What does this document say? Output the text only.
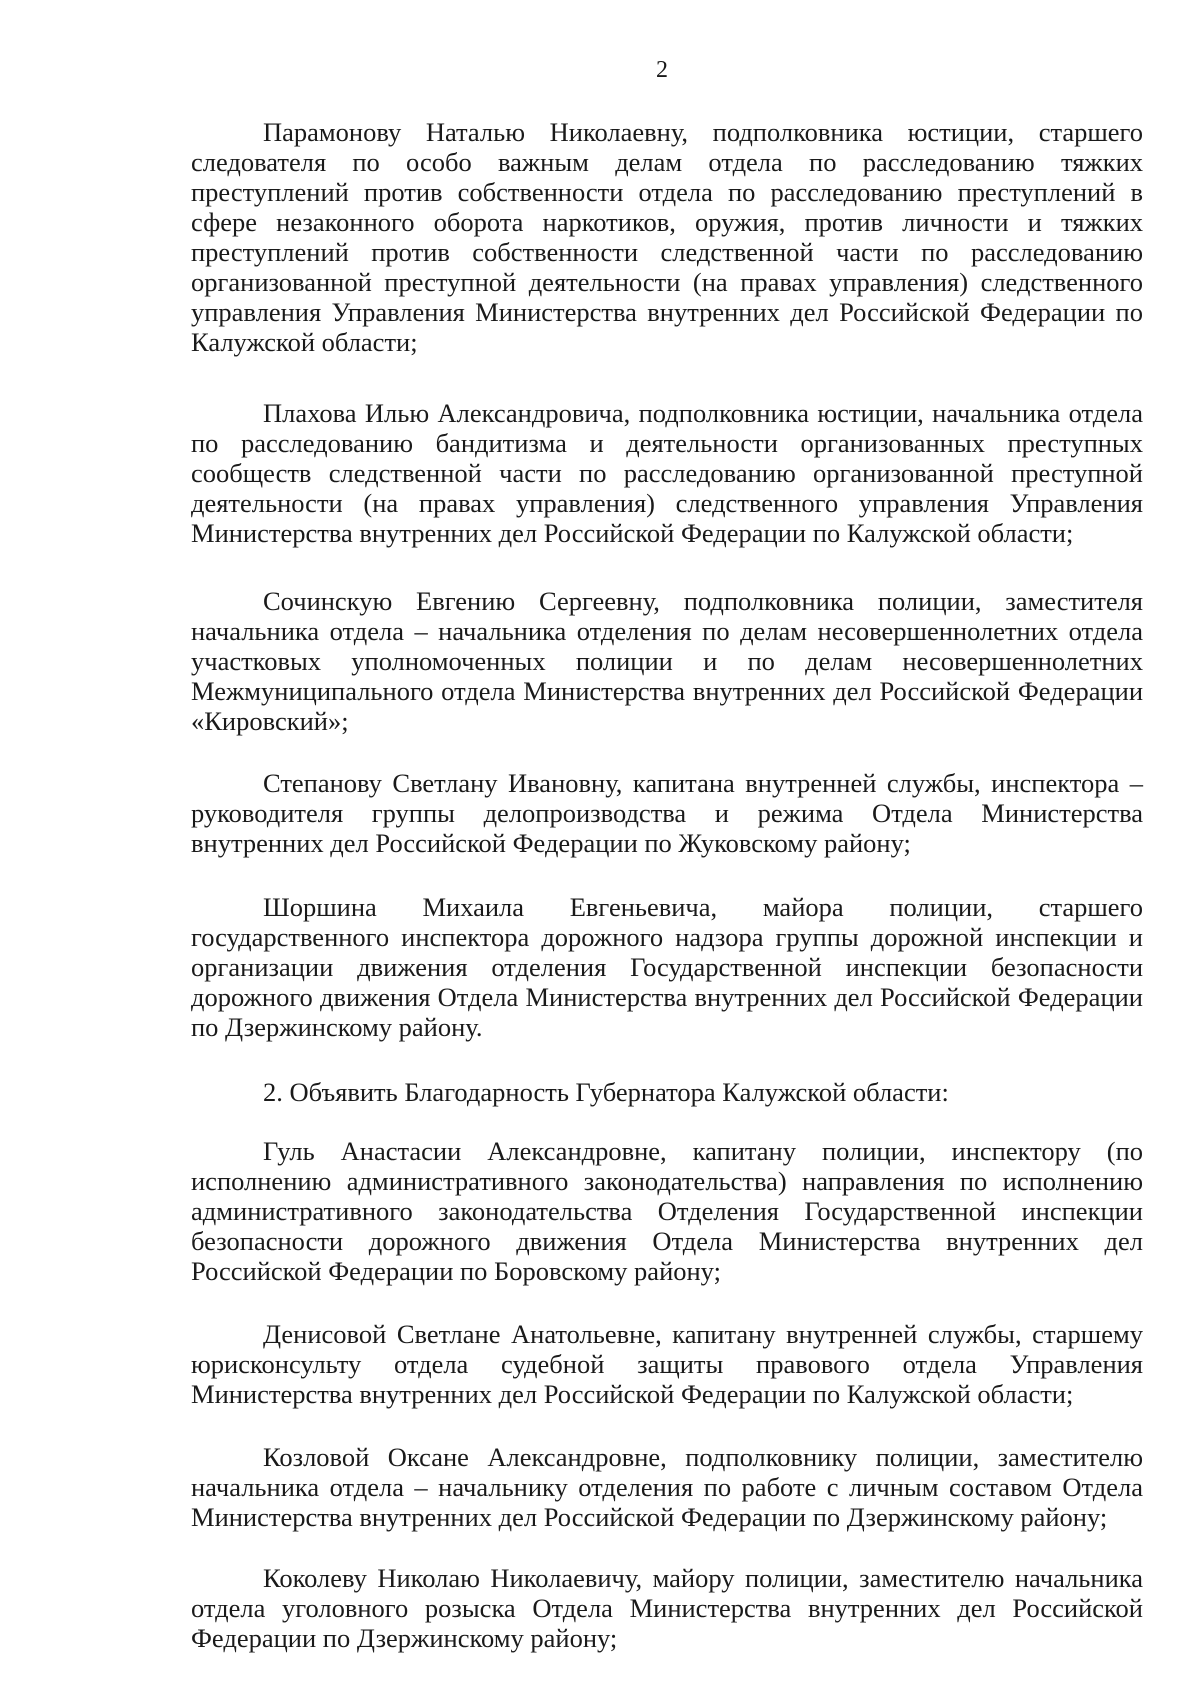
2

Парамонову Наталью Николаевну, подполковника юстиции, старшего следователя по особо важным делам отдела по расследованию тяжких преступлений против собственности отдела по расследованию преступлений в сфере незаконного оборота наркотиков, оружия, против личности и тяжких преступлений против собственности следственной части по расследованию организованной преступной деятельности (на правах управления) следственного управления Управления Министерства внутренних дел Российской Федерации по Калужской области;

Плахова Илью Александровича, подполковника юстиции, начальника отдела по расследованию бандитизма и деятельности организованных преступных сообществ следственной части по расследованию организованной преступной деятельности (на правах управления) следственного управления Управления Министерства внутренних дел Российской Федерации по Калужской области;

Сочинскую Евгению Сергеевну, подполковника полиции, заместителя начальника отдела – начальника отделения по делам несовершеннолетних отдела участковых уполномоченных полиции и по делам несовершеннолетних Межмуниципального отдела Министерства внутренних дел Российской Федерации «Кировский»;

Степанову Светлану Ивановну, капитана внутренней службы, инспектора – руководителя группы делопроизводства и режима Отдела Министерства внутренних дел Российской Федерации по Жуковскому району;

Шоршина Михаила Евгеньевича, майора полиции, старшего государственного инспектора дорожного надзора группы дорожной инспекции и организации движения отделения Государственной инспекции безопасности дорожного движения Отдела Министерства внутренних дел Российской Федерации по Дзержинскому району.

2. Объявить Благодарность Губернатора Калужской области:

Гуль Анастасии Александровне, капитану полиции, инспектору (по исполнению административного законодательства) направления по исполнению административного законодательства Отделения Государственной инспекции безопасности дорожного движения Отдела Министерства внутренних дел Российской Федерации по Боровскому району;

Денисовой Светлане Анатольевне, капитану внутренней службы, старшему юрисконсульту отдела судебной защиты правового отдела Управления Министерства внутренних дел Российской Федерации по Калужской области;

Козловой Оксане Александровне, подполковнику полиции, заместителю начальника отдела – начальнику отделения по работе с личным составом Отдела Министерства внутренних дел Российской Федерации по Дзержинскому району;

Коколеву Николаю Николаевичу, майору полиции, заместителю начальника отдела уголовного розыска Отдела Министерства внутренних дел Российской Федерации по Дзержинскому району;
